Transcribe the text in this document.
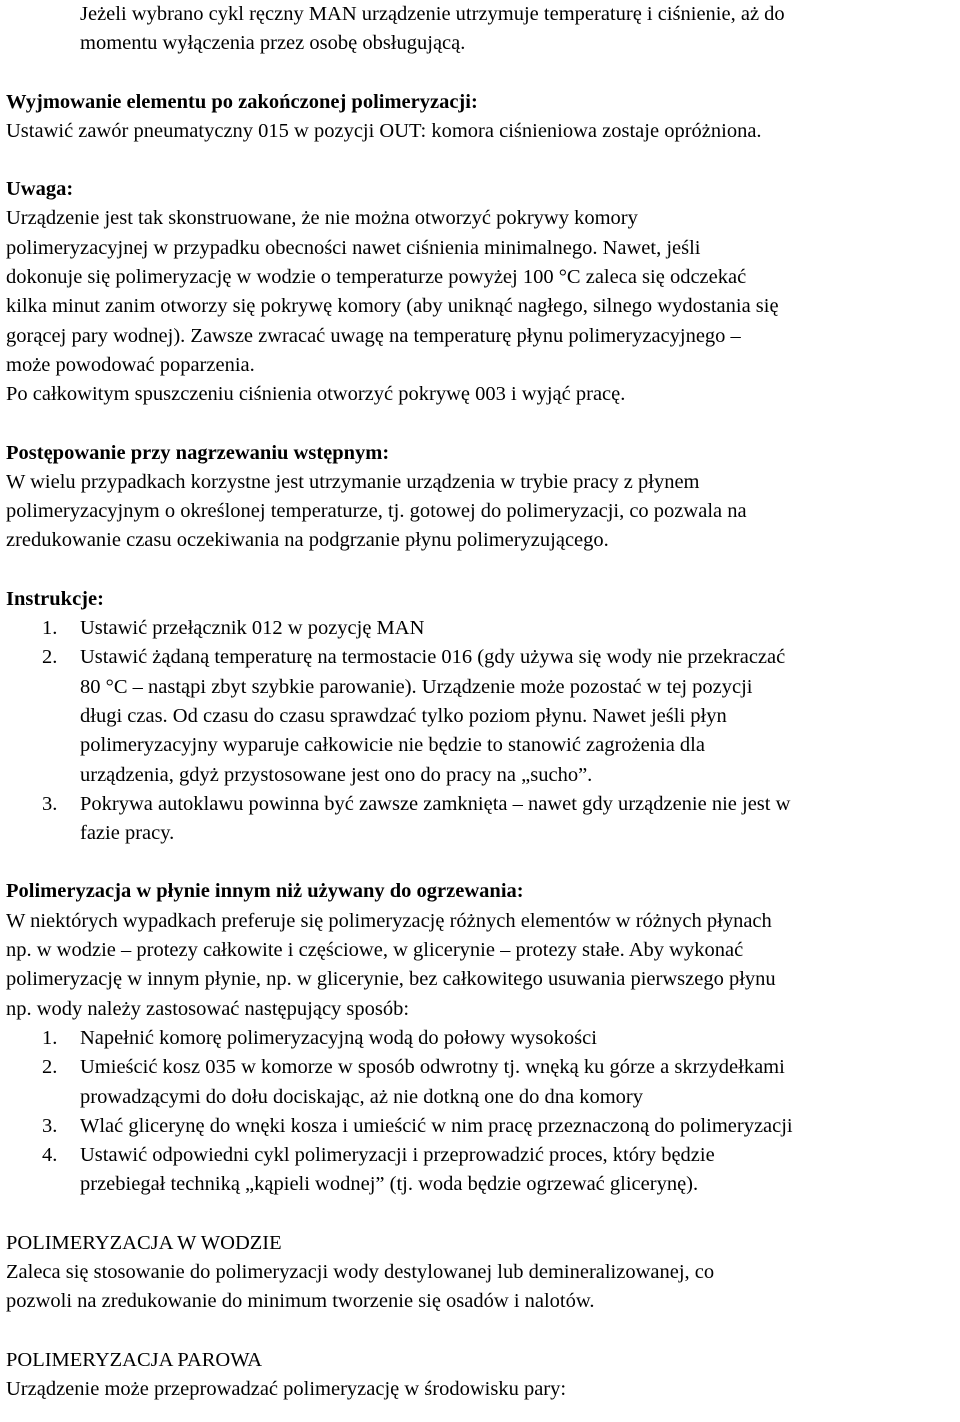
Jeżeli wybrano cykl ręczny MAN urządzenie utrzymuje temperaturę i ciśnienie, aż do

momentu wyłączenia przez osobę obsługującą.

Wyjmowanie elementu po zakończonej polimeryzacji:

Ustawić zawór pneumatyczny 015 w pozycji OUT: komora ciśnieniowa zostaje opróżniona.

Uwaga:

Urządzenie jest tak skonstruowane, że nie można otworzyć pokrywy komory

polimeryzacyjnej w przypadku obecności nawet ciśnienia minimalnego. Nawet, jeśli

dokonuje się polimeryzację w wodzie o temperaturze powyżej 100 °C zaleca się odczekać

kilka minut zanim otworzy się pokrywę komory (aby uniknąć nagłego, silnego wydostania się

gorącej pary wodnej). Zawsze zwracać uwagę na temperaturę płynu polimeryzacyjnego –

może powodować poparzenia.

Po całkowitym spuszczeniu ciśnienia otworzyć pokrywę 003 i wyjąć pracę.

Postępowanie przy nagrzewaniu wstępnym:

W wielu przypadkach korzystne jest utrzymanie urządzenia w trybie pracy z płynem

polimeryzacyjnym o określonej temperaturze, tj. gotowej do polimeryzacji, co pozwala na

zredukowanie czasu oczekiwania na podgrzanie płynu polimeryzującego.

Instrukcje:

1. Ustawić przełącznik 012 w pozycję MAN

2. Ustawić żądaną temperaturę na termostacie 016 (gdy używa się wody nie przekraczać

80 °C – nastąpi zbyt szybkie parowanie). Urządzenie może pozostać w tej pozycji

długi czas. Od czasu do czasu sprawdzać tylko poziom płynu. Nawet jeśli płyn

polimeryzacyjny wyparuje całkowicie nie będzie to stanowić zagrożenia dla

urządzenia, gdyż przystosowane jest ono do pracy na „sucho”.

3. Pokrywa autoklawu powinna być zawsze zamknięta – nawet gdy urządzenie nie jest w

fazie pracy.

Polimeryzacja w płynie innym niż używany do ogrzewania:

W niektórych wypadkach preferuje się polimeryzację różnych elementów w różnych płynach

np. w wodzie – protezy całkowite i częściowe, w glicerynie – protezy stałe. Aby wykonać

polimeryzację w innym płynie, np. w glicerynie, bez całkowitego usuwania pierwszego płynu

np. wody należy zastosować następujący sposób:

1. Napełnić komorę polimeryzacyjną wodą do połowy wysokości

2. Umieścić kosz 035 w komorze w sposób odwrotny tj. wnęką ku górze a skrzydełkami

prowadzącymi do dołu dociskając, aż nie dotkną one do dna komory

3. Wlać glicerynę do wnęki kosza i umieścić w nim pracę przeznaczoną do polimeryzacji

4. Ustawić odpowiedni cykl polimeryzacji i przeprowadzić proces, który będzie

przebiegał techniką „kąpieli wodnej” (tj. woda będzie ogrzewać glicerynę).

POLIMERYZACJA W WODZIE

Zaleca się stosowanie do polimeryzacji wody destylowanej lub demineralizowanej, co

pozwoli na zredukowanie do minimum tworzenie się osadów i nalotów.

POLIMERYZACJA PAROWA

Urządzenie może przeprowadzać polimeryzację w środowisku pary:
